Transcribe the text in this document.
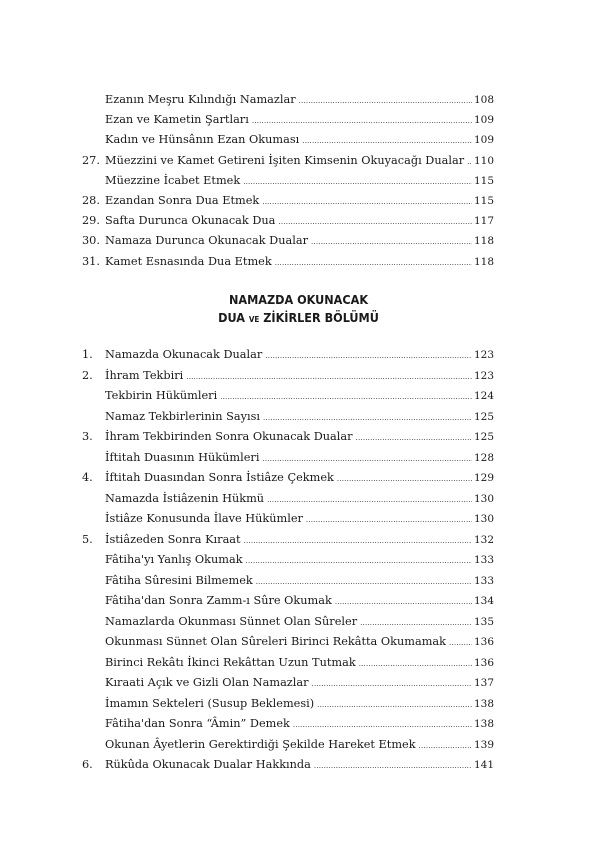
Ezanın Meşru Kılındığı Namazlar .....	108
Ezan ve Kametin Şartları .....	109
Kadın ve Hünsânın Ezan Okuması .....	109
27. Müezzini ve Kamet Getireni İşiten Kimsenin Okuyacağı Dualar ..... 110
Müezzine İcabet Etmek .....	115
28. Ezandan Sonra Dua Etmek .....	115
29. Safta Durunca Okunacak Dua .....	117
30. Namaza Durunca Okunacak Dualar .....	118
31. Kamet Esnasında Dua Etmek .....	118
NAMAZDA OKUNACAK
DUA VE ZİKİRLER BÖLÜMÜ
1.	Namazda Okunacak Dualar .....	123
2.	İhram Tekbiri .....	123
Tekbirin Hükümleri .....	124
Namaz Tekbirlerinin Sayısı .....	125
3.	İhram Tekbirinden Sonra Okunacak Dualar .....	125
İftitah Duasının Hükümleri .....	128
4.	İftitah Duasından Sonra İstiâze Çekmek .....	129
Namazda İstiâzenin Hükmü .....	130
İstiâze Konusunda İlave Hükümler .....	130
5.	İstiâzeden Sonra Kıraat .....	132
Fâtiha'yı Yanlış Okumak .....	133
Fâtiha Sûresini Bilmemek .....	133
Fâtiha'dan Sonra Zamm-ı Sûre Okumak .....	134
Namazlarda Okunması Sünnet Olan Sûreler .....	135
Okunması Sünnet Olan Sûreleri Birinci Rekâtta Okumamak .....	136
Birinci Rekâtı İkinci Rekâttan Uzun Tutmak .....	136
Kıraati Açık ve Gizli Olan Namazlar .....	137
İmamın Sekteleri (Susup Beklemesi) .....	138
Fâtiha'dan Sonra “Âmin” Demek .....	138
Okunan Âyetlerin Gerektirdiği Şekilde Hareket Etmek .....	139
6.	Rükûda Okunacak Dualar Hakkında .....	141
